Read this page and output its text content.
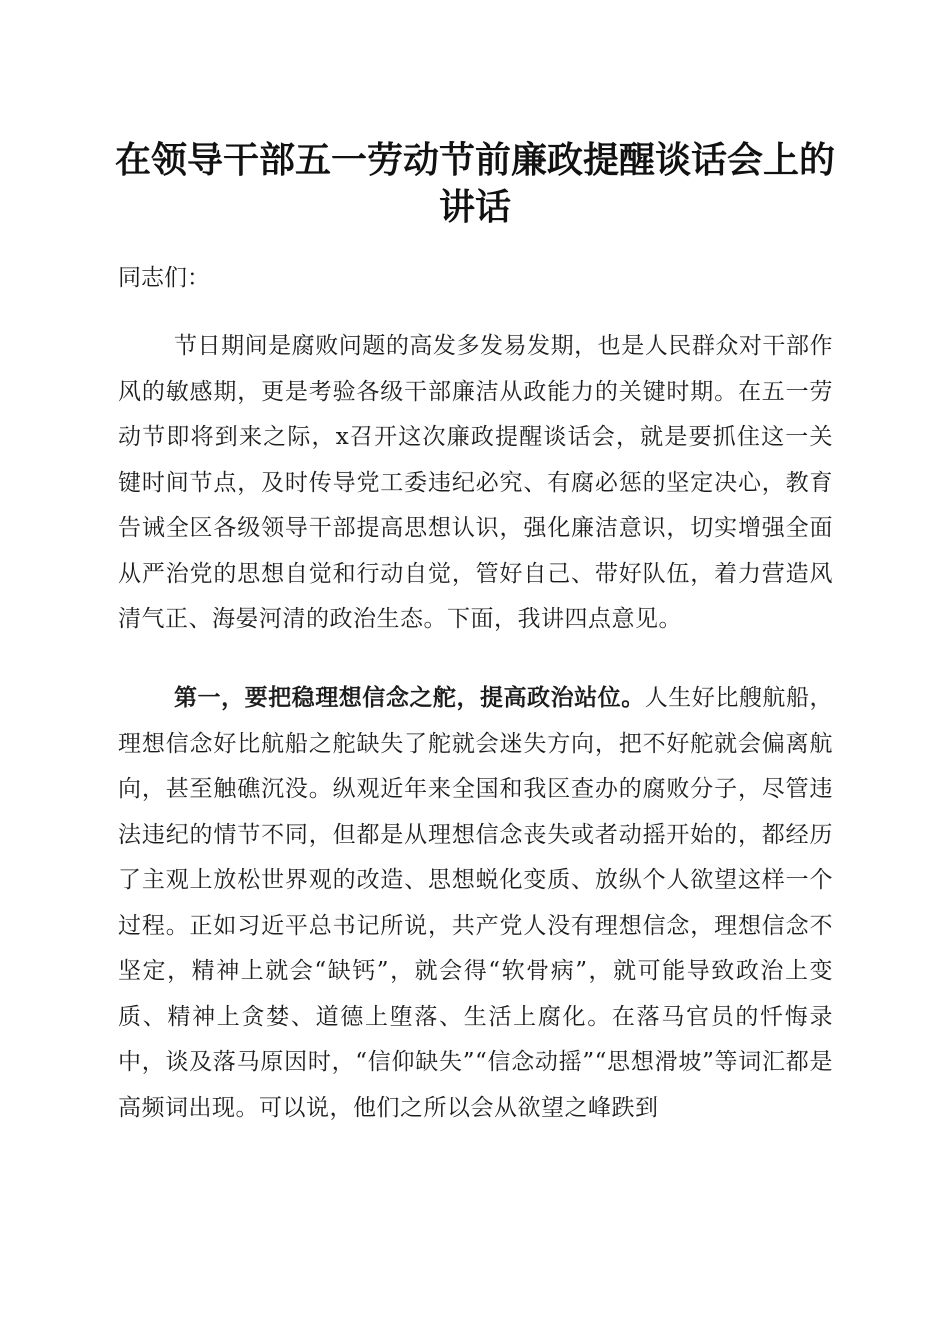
在领导干部五一劳动节前廉政提醒谈话会上的
讲话
同志们：
节日期间是腐败问题的高发多发易发期，也是人民群众对干部作风的敏感期，更是考验各级干部廉洁从政能力的关键时期。在五一劳动节即将到来之际，x召开这次廉政提醒谈话会，就是要抓住这一关键时间节点，及时传导党工委违纪必究、有腐必惩的坚定决心，教育告诫全区各级领导干部提高思想认识，强化廉洁意识，切实增强全面从严治党的思想自觉和行动自觉，管好自己、带好队伍，着力营造风清气正、海晏河清的政治生态。下面，我讲四点意见。
第一，要把稳理想信念之舵，提高政治站位。人生好比艘航船，理想信念好比航船之舵缺失了舵就会迷失方向，把不好舵就会偏离航向，甚至触礁沉没。纵观近年来全国和我区查办的腐败分子，尽管违法违纪的情节不同，但都是从理想信念丧失或者动摇开始的，都经历了主观上放松世界观的改造、思想蜕化变质、放纵个人欲望这样一个过程。正如习近平总书记所说，共产党人没有理想信念，理想信念不坚定，精神上就会“缺钙”，就会得“软骨病”，就可能导致政治上变质、精神上贪婪、道德上堕落、生活上腐化。在落马官员的忏悔录中，谈及落马原因时，“信仰缺失”“信念动摇”“思想滑坡”等词汇都是高频词出现。可以说，他们之所以会从欲望之峰跌到
